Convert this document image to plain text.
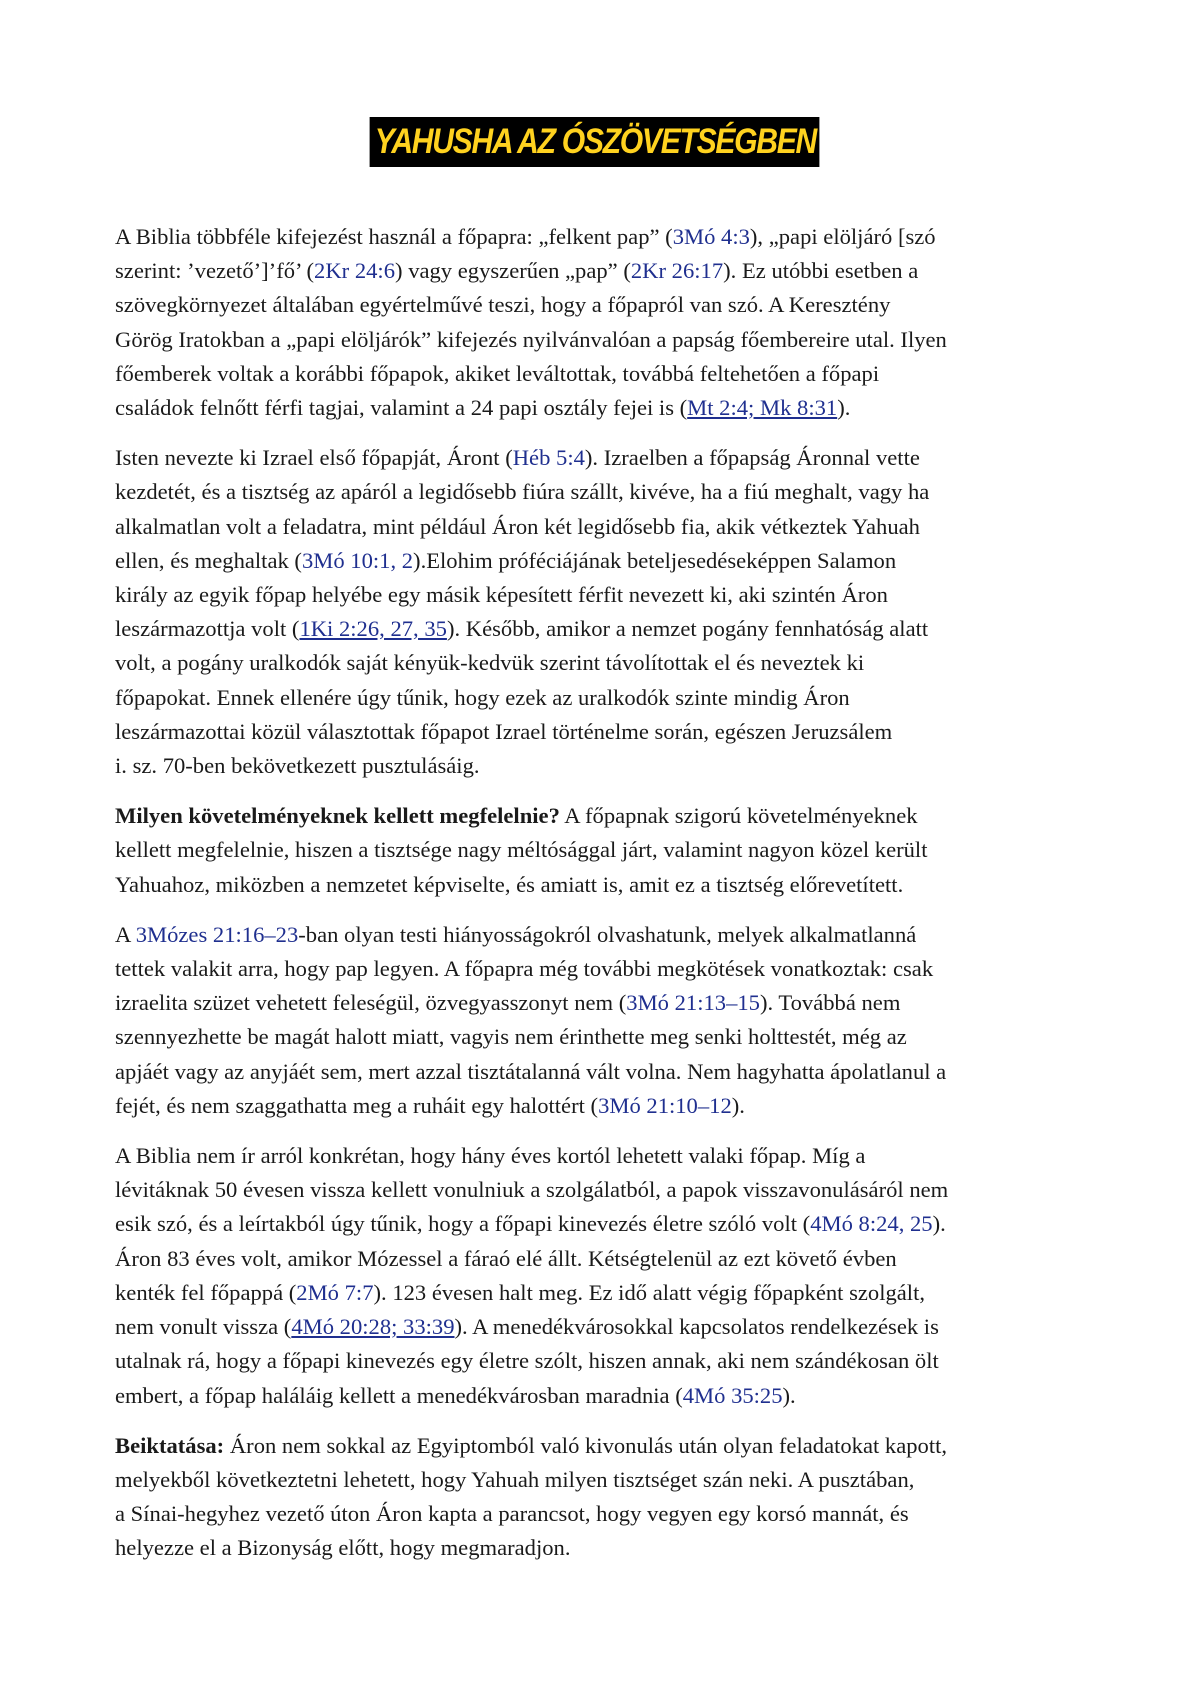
YAHUSHA AZ ÓSZÖVETSÉGBEN

A Biblia többféle kifejezést használ a főpapra: „felkent pap” (3Mó 4:3), „papi elöljáró [szó
szerint: ’vezető’]’fő’ (2Kr 24:6) vagy egyszerűen „pap” (2Kr 26:17). Ez utóbbi esetben a
szövegkörnyezet általában egyértelművé teszi, hogy a főpapról van szó. A Keresztény
Görög Iratokban a „papi elöljárók” kifejezés nyilvánvalóan a papság főembereire utal. Ilyen
főemberek voltak a korábbi főpapok, akiket leváltottak, továbbá feltehetően a főpapi
családok felnőtt férfi tagjai, valamint a 24 papi osztály fejei is (Mt 2:4; Mk 8:31).

Isten nevezte ki Izrael első főpapját, Áront (Héb 5:4). Izraelben a főpapság Áronnal vette
kezdetét, és a tisztség az apáról a legidősebb fiúra szállt, kivéve, ha a fiú meghalt, vagy ha
alkalmatlan volt a feladatra, mint például Áron két legidősebb fia, akik vétkeztek Yahuah
ellen, és meghaltak (3Mó 10:1, 2).Elohim próféciájának beteljesedéseképpen Salamon
király az egyik főpap helyébe egy másik képesített férfit nevezett ki, aki szintén Áron
leszármazottja volt (1Ki 2:26, 27, 35). Később, amikor a nemzet pogány fennhatóság alatt
volt, a pogány uralkodók saját kényük-kedvük szerint távolítottak el és neveztek ki
főpapokat. Ennek ellenére úgy tűnik, hogy ezek az uralkodók szinte mindig Áron
leszármazottai közül választottak főpapot Izrael történelme során, egészen Jeruzsálem
i. sz. 70-ben bekövetkezett pusztulásáig.

Milyen követelményeknek kellett megfelelnie? A főpapnak szigorú követelményeknek
kellett megfelelnie, hiszen a tisztsége nagy méltósággal járt, valamint nagyon közel került
Yahuahoz, miközben a nemzetet képviselte, és amiatt is, amit ez a tisztség előrevetített.

A 3Mózes 21:16–23-ban olyan testi hiányosságokról olvashatunk, melyek alkalmatlanná
tettek valakit arra, hogy pap legyen. A főpapra még további megkötések vonatkoztak: csak
izraelita szüzet vehetett feleségül, özvegyasszonyt nem (3Mó 21:13–15). Továbbá nem
szennyezhette be magát halott miatt, vagyis nem érinthette meg senki holttestét, még az
apjáét vagy az anyjáét sem, mert azzal tisztátalanná vált volna. Nem hagyhatta ápolatlanul a
fejét, és nem szaggathatta meg a ruháit egy halottért (3Mó 21:10–12).

A Biblia nem ír arról konkrétan, hogy hány éves kortól lehetett valaki főpap. Míg a
lévitáknak 50 évesen vissza kellett vonulniuk a szolgálatból, a papok visszavonulásáról nem
esik szó, és a leírtakból úgy tűnik, hogy a főpapi kinevezés életre szóló volt (4Mó 8:24, 25).
Áron 83 éves volt, amikor Mózessel a fáraó elé állt. Kétségtelenül az ezt követő évben
kenték fel főpappá (2Mó 7:7). 123 évesen halt meg. Ez idő alatt végig főpapként szolgált,
nem vonult vissza (4Mó 20:28; 33:39). A menedékvárosokkal kapcsolatos rendelkezések is
utalnak rá, hogy a főpapi kinevezés egy életre szólt, hiszen annak, aki nem szándékosan ölt
embert, a főpap haláláig kellett a menedékvárosban maradnia (4Mó 35:25).

Beiktatása: Áron nem sokkal az Egyiptomból való kivonulás után olyan feladatokat kapott,
melyekből következtetni lehetett, hogy Yahuah milyen tisztséget szán neki. A pusztában,
a Sínai-hegyhez vezető úton Áron kapta a parancsot, hogy vegyen egy korsó mannát, és
helyezze el a Bizonyság előtt, hogy megmaradjon.
